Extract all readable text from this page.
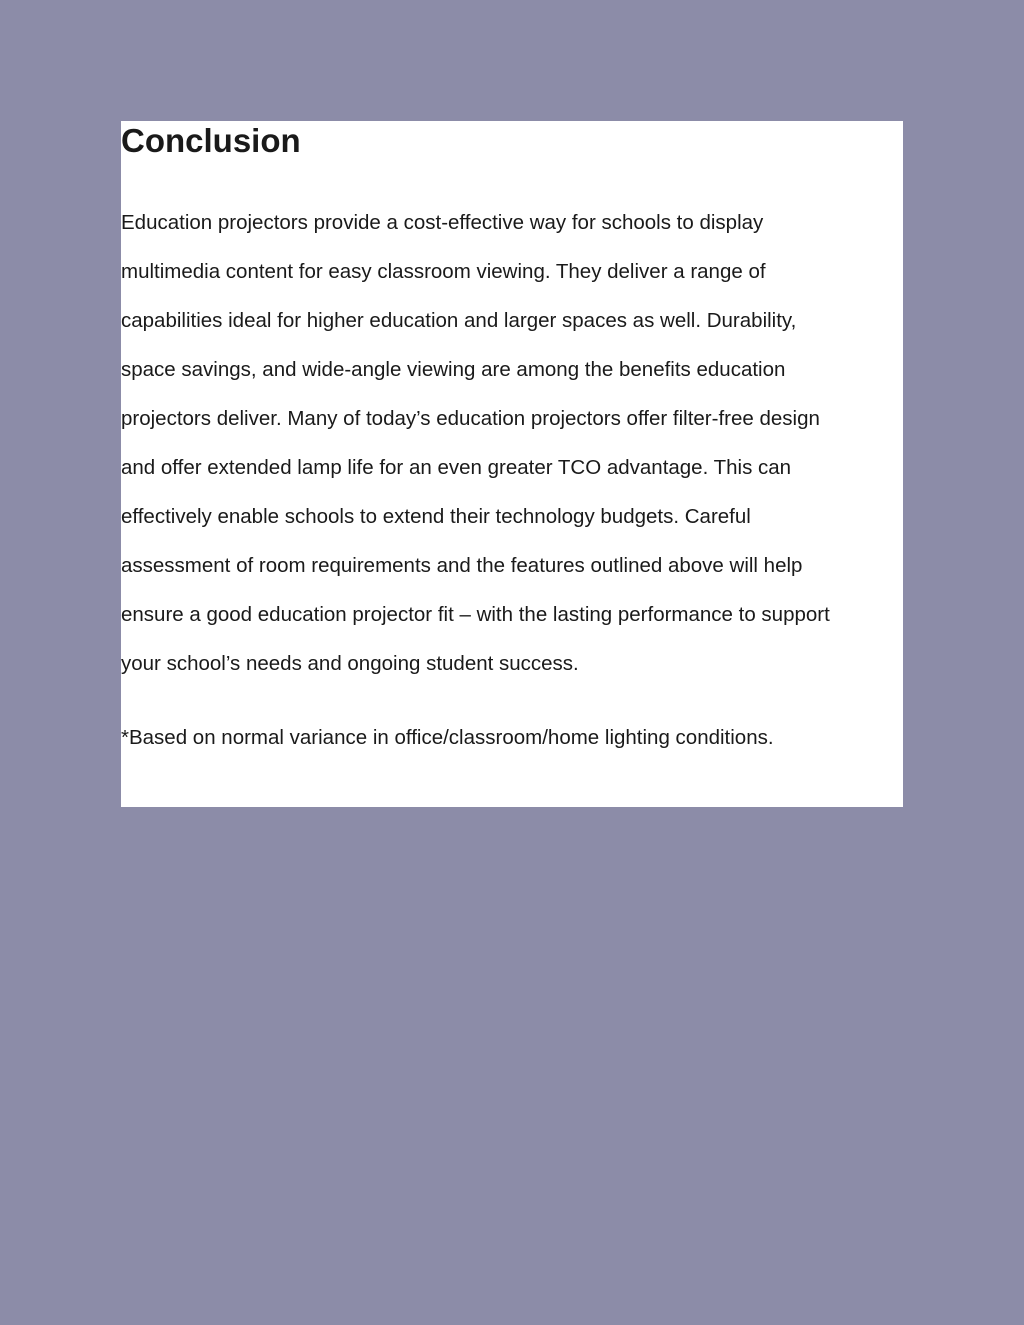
Conclusion
Education projectors provide a cost-effective way for schools to display
multimedia content for easy classroom viewing. They deliver a range of
capabilities ideal for higher education and larger spaces as well. Durability,
space savings, and wide-angle viewing are among the benefits education
projectors deliver. Many of today’s education projectors offer filter-free design
and offer extended lamp life for an even greater TCO advantage. This can
effectively enable schools to extend their technology budgets. Careful
assessment of room requirements and the features outlined above will help
ensure a good education projector fit – with the lasting performance to support
your school’s needs and ongoing student success.

*Based on normal variance in office/classroom/home lighting conditions.
